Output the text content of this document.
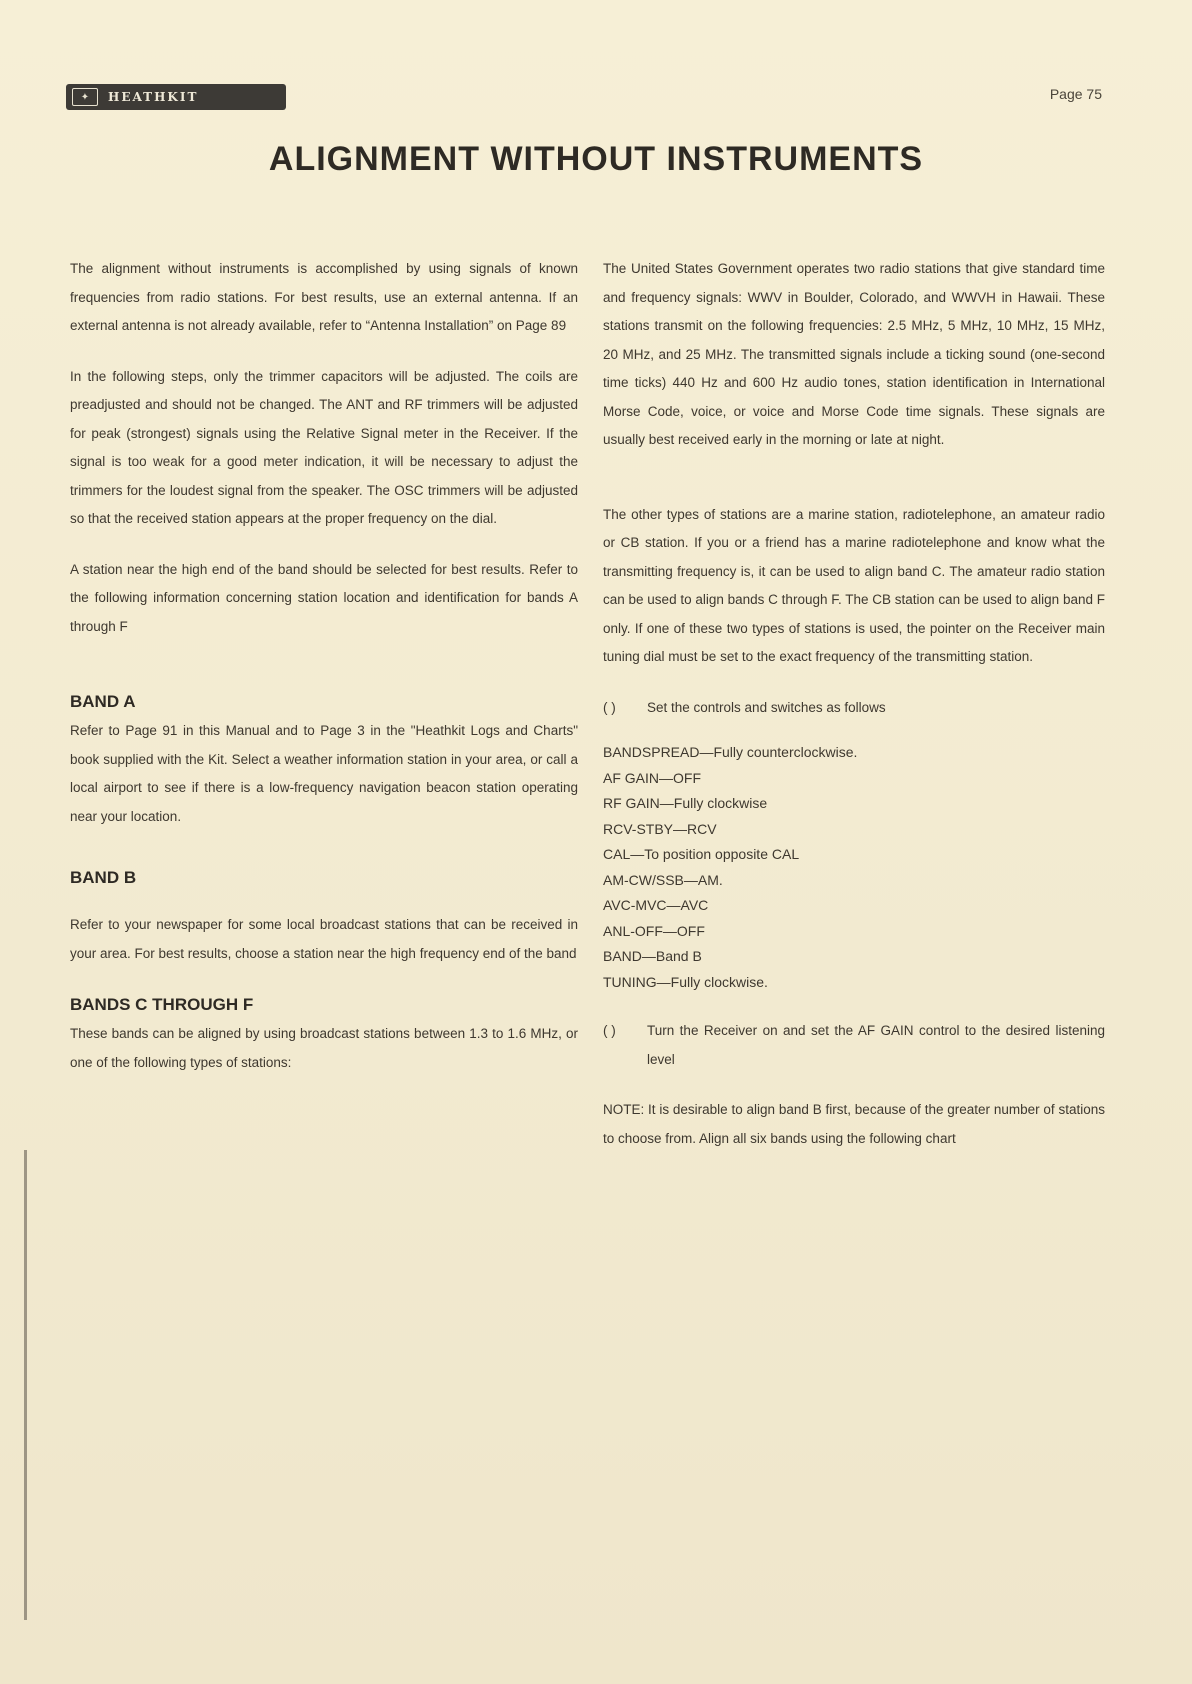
✦	HEATHKIT	Page 75
ALIGNMENT WITHOUT INSTRUMENTS

The alignment without instruments is accomplished by using signals of known frequencies from radio stations. For best results, use an external antenna. If an external antenna is not already available, refer to “Antenna Installation” on Page 89

In the following steps, only the trimmer capacitors will be adjusted. The coils are preadjusted and should not be changed. The ANT and RF trimmers will be adjusted for peak (strongest) signals using the Relative Signal meter in the Receiver. If the signal is too weak for a good meter indication, it will be necessary to adjust the trimmers for the loudest signal from the speaker. The OSC trimmers will be adjusted so that the received station appears at the proper frequency on the dial.

A station near the high end of the band should be selected for best results. Refer to the following information concerning station location and identification for bands A through F

BAND A

Refer to Page 91 in this Manual and to Page 3 in the "Heathkit Logs and Charts" book supplied with the Kit. Select a weather information station in your area, or call a local airport to see if there is a low-frequency navigation beacon station operating near your location.

BAND B

Refer to your newspaper for some local broadcast stations that can be received in your area. For best results, choose a station near the high frequency end of the band

BANDS C THROUGH F

These bands can be aligned by using broadcast stations between 1.3 to 1.6 MHz, or one of the following types of stations:

The United States Government operates two radio stations that give standard time and frequency signals: WWV in Boulder, Colorado, and WWVH in Hawaii. These stations transmit on the following frequencies: 2.5 MHz, 5 MHz, 10 MHz, 15 MHz, 20 MHz, and 25 MHz. The transmitted signals include a ticking sound (one-second time ticks) 440 Hz and 600 Hz audio tones, station identification in International Morse Code, voice, or voice and Morse Code time signals. These signals are usually best received early in the morning or late at night.

The other types of stations are a marine station, radiotelephone, an amateur radio or CB station. If you or a friend has a marine radiotelephone and know what the transmitting frequency is, it can be used to align band C. The amateur radio station can be used to align bands C through F. The CB station can be used to align band F only. If one of these two types of stations is used, the pointer on the Receiver main tuning dial must be set to the exact frequency of the transmitting station.

( )	Set the controls and switches as follows
BANDSPREAD—Fully counterclockwise.
AF GAIN—OFF
RF GAIN—Fully clockwise
RCV-STBY—RCV
CAL—To position opposite CAL
AM-CW/SSB—AM.
AVC-MVC—AVC
ANL-OFF—OFF
BAND—Band B
TUNING—Fully clockwise.
( )	Turn the Receiver on and set the AF GAIN control to the desired listening level

NOTE: It is desirable to align band B first, because of the greater number of stations to choose from. Align all six bands using the following chart
